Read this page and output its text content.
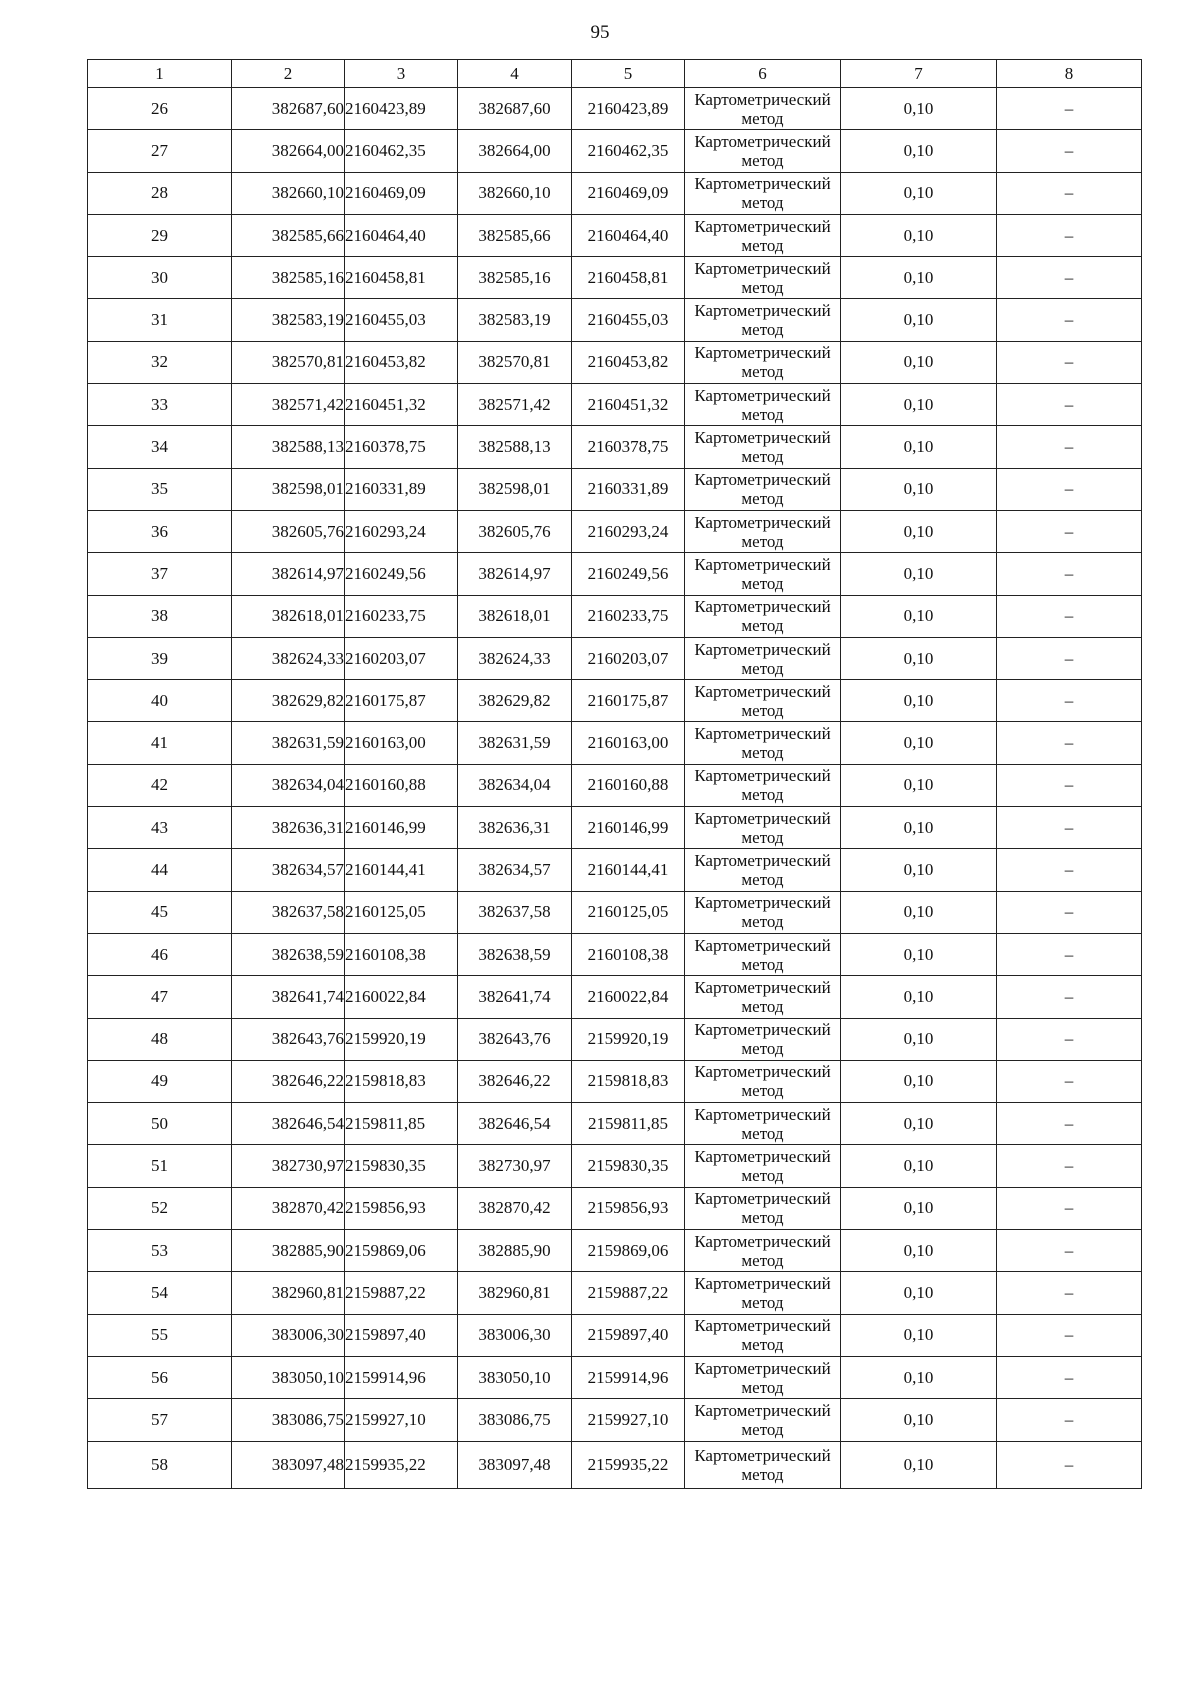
95
1	2	3	4	5	6	7	8
26	382687,60	2160423,89	382687,60	2160423,89	Картометрический
метод	0,10	–
27	382664,00	2160462,35	382664,00	2160462,35	Картометрический
метод	0,10	–
28	382660,10	2160469,09	382660,10	2160469,09	Картометрический
метод	0,10	–
29	382585,66	2160464,40	382585,66	2160464,40	Картометрический
метод	0,10	–
30	382585,16	2160458,81	382585,16	2160458,81	Картометрический
метод	0,10	–
31	382583,19	2160455,03	382583,19	2160455,03	Картометрический
метод	0,10	–
32	382570,81	2160453,82	382570,81	2160453,82	Картометрический
метод	0,10	–
33	382571,42	2160451,32	382571,42	2160451,32	Картометрический
метод	0,10	–
34	382588,13	2160378,75	382588,13	2160378,75	Картометрический
метод	0,10	–
35	382598,01	2160331,89	382598,01	2160331,89	Картометрический
метод	0,10	–
36	382605,76	2160293,24	382605,76	2160293,24	Картометрический
метод	0,10	–
37	382614,97	2160249,56	382614,97	2160249,56	Картометрический
метод	0,10	–
38	382618,01	2160233,75	382618,01	2160233,75	Картометрический
метод	0,10	–
39	382624,33	2160203,07	382624,33	2160203,07	Картометрический
метод	0,10	–
40	382629,82	2160175,87	382629,82	2160175,87	Картометрический
метод	0,10	–
41	382631,59	2160163,00	382631,59	2160163,00	Картометрический
метод	0,10	–
42	382634,04	2160160,88	382634,04	2160160,88	Картометрический
метод	0,10	–
43	382636,31	2160146,99	382636,31	2160146,99	Картометрический
метод	0,10	–
44	382634,57	2160144,41	382634,57	2160144,41	Картометрический
метод	0,10	–
45	382637,58	2160125,05	382637,58	2160125,05	Картометрический
метод	0,10	–
46	382638,59	2160108,38	382638,59	2160108,38	Картометрический
метод	0,10	–
47	382641,74	2160022,84	382641,74	2160022,84	Картометрический
метод	0,10	–
48	382643,76	2159920,19	382643,76	2159920,19	Картометрический
метод	0,10	–
49	382646,22	2159818,83	382646,22	2159818,83	Картометрический
метод	0,10	–
50	382646,54	2159811,85	382646,54	2159811,85	Картометрический
метод	0,10	–
51	382730,97	2159830,35	382730,97	2159830,35	Картометрический
метод	0,10	–
52	382870,42	2159856,93	382870,42	2159856,93	Картометрический
метод	0,10	–
53	382885,90	2159869,06	382885,90	2159869,06	Картометрический
метод	0,10	–
54	382960,81	2159887,22	382960,81	2159887,22	Картометрический
метод	0,10	–
55	383006,30	2159897,40	383006,30	2159897,40	Картометрический
метод	0,10	–
56	383050,10	2159914,96	383050,10	2159914,96	Картометрический
метод	0,10	–
57	383086,75	2159927,10	383086,75	2159927,10	Картометрический
метод	0,10	–
58	383097,48	2159935,22	383097,48	2159935,22	Картометрический
метод	0,10	–
